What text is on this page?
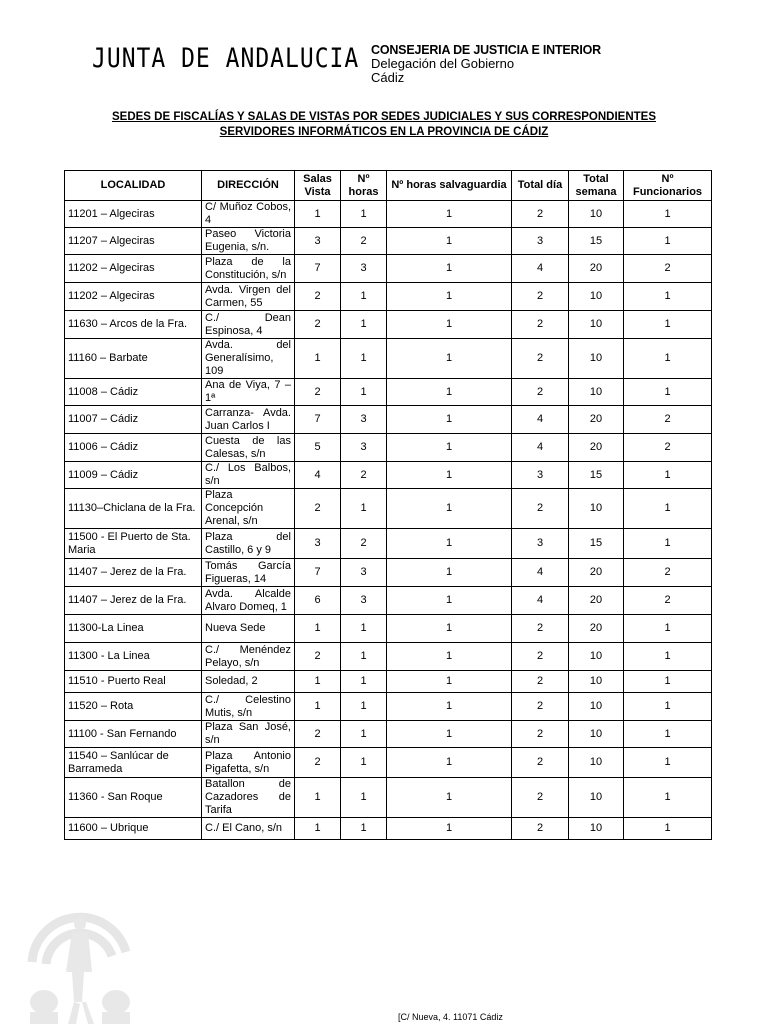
JUNTA DE ANDALUCIA CONSEJERIA DE JUSTICIA E INTERIOR
Delegación del Gobierno
Cádiz
SEDES DE FISCALÍAS Y SALAS DE VISTAS POR SEDES JUDICIALES Y SUS CORRESPONDIENTES
SERVIDORES INFORMÁTICOS EN LA PROVINCIA DE CÁDIZ
LOCALIDAD	DIRECCIÓN	Salas Vista	Nº horas	Nº horas salvaguardia	Total día	Total semana	Nº Funcionarios
11201 – Algeciras	C/ Muñoz Cobos, 4	1	1	1	2	10	1
11207 – Algeciras	Paseo Victoria Eugenia, s/n.	3	2	1	3	15	1
11202 – Algeciras	Plaza de la Constitución, s/n	7	3	1	4	20	2
11202 – Algeciras	Avda. Virgen del Carmen, 55	2	1	1	2	10	1
11630 – Arcos de la Fra.	C./ Dean Espinosa, 4	2	1	1	2	10	1
11160 – Barbate	Avda. del Generalísimo, 109	1	1	1	2	10	1
11008 – Cádiz	Ana de Viya, 7 – 1ª	2	1	1	2	10	1
11007 – Cádiz	Carranza- Avda. Juan Carlos I	7	3	1	4	20	2
11006 – Cádiz	Cuesta de las Calesas, s/n	5	3	1	4	20	2
11009 – Cádiz	C./ Los Balbos, s/n	4	2	1	3	15	1
11130–Chiclana de la Fra.	Plaza Concepción Arenal, s/n	2	1	1	2	10	1
11500 - El Puerto de Sta. Maria	Plaza del Castillo, 6 y 9	3	2	1	3	15	1
11407 – Jerez de la Fra.	Tomás García Figueras, 14	7	3	1	4	20	2
11407 – Jerez de la Fra.	Avda. Alcalde Alvaro Domeq, 1	6	3	1	4	20	2
11300-La Linea	Nueva Sede	1	1	1	2	20	1
11300 - La Linea	C./ Menéndez Pelayo, s/n	2	1	1	2	10	1
11510 - Puerto Real	Soledad, 2	1	1	1	2	10	1
11520 – Rota	C./ Celestino Mutis, s/n	1	1	1	2	10	1
11100 - San Fernando	Plaza San José, s/n	2	1	1	2	10	1
11540 – Sanlúcar de Barrameda	Plaza Antonio Pigafetta, s/n	2	1	1	2	10	1
11360 - San Roque	Batallon de Cazadores de Tarifa	1	1	1	2	10	1
11600 – Ubrique	C./ El Cano, s/n	1	1	1	2	10	1
[C/ Nueva, 4. 11071 Cádiz
